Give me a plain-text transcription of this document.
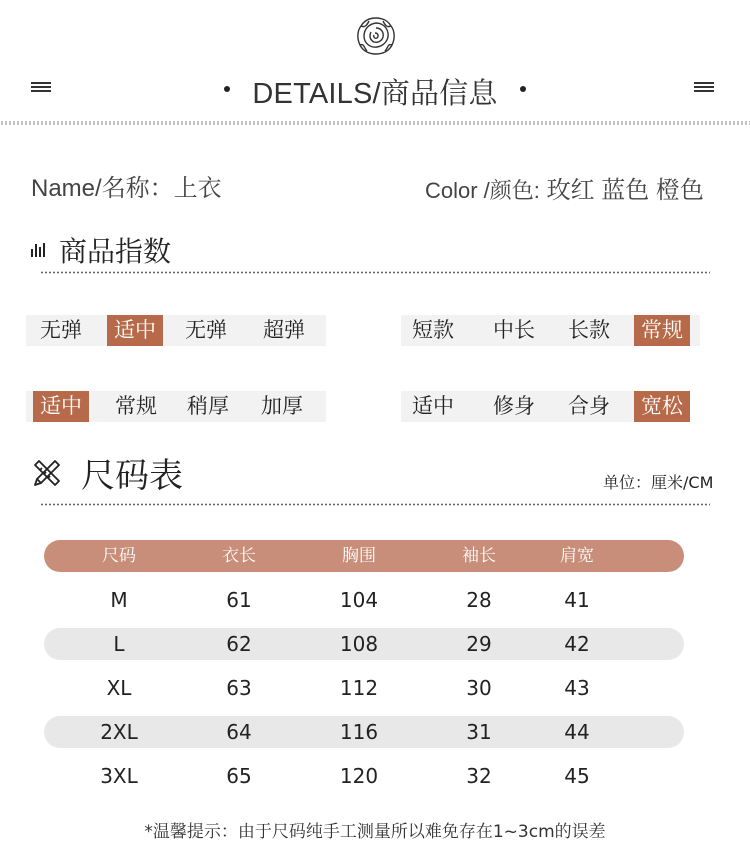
DETAILS/商品信息
Name/名称：上衣	Color /颜色: 玫红 蓝色 橙色
商品指数
无弹	适中	无弹	超弹	短款	中长	长款	常规
适中	常规	稍厚	加厚	适中	修身	合身	宽松
尺码表	单位：厘米/CM
尺码	衣长	胸围	袖长	肩宽
M	61	104	28	41
L	62	108	29	42
XL	63	112	30	43
2XL	64	116	31	44
3XL	65	120	32	45
*温馨提示：由于尺码纯手工测量所以难免存在1~3cm的误差
